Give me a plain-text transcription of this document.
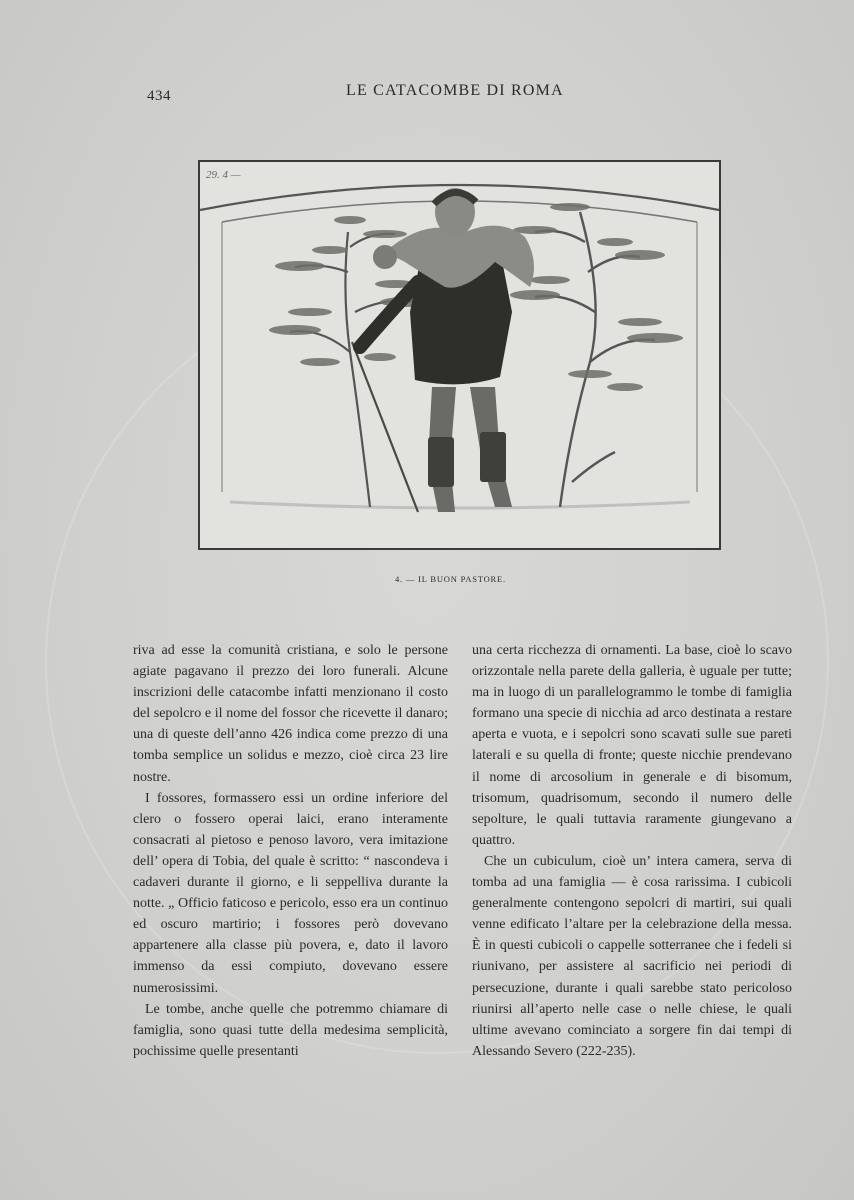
434	LE CATACOMBE DI ROMA
29. 4 —
4. — IL BUON PASTORE.

riva ad esse la comunità cristiana, e solo le persone agiate pagavano il prezzo dei loro funerali. Alcune inscrizioni delle catacombe infatti menzionano il costo del sepolcro e il nome del fossor che ricevette il danaro; una di queste dell’anno 426 indica come prezzo di una tomba semplice un solidus e mezzo, cioè circa 23 lire nostre.

I fossores, formassero essi un ordine inferiore del clero o fossero operai laici, erano interamente consacrati al pietoso e penoso lavoro, vera imitazione dell’ opera di Tobia, del quale è scritto: “ nascondeva i cadaveri durante il giorno, e li seppelliva durante la notte. „ Officio faticoso e pericolo, esso era un continuo ed oscuro martirio; i fossores però dovevano appartenere alla classe più povera, e, dato il lavoro immenso da essi compiuto, dovevano essere numerosissimi.

Le tombe, anche quelle che potremmo chiamare di famiglia, sono quasi tutte della medesima semplicità, pochissime quelle presentanti

una certa ricchezza di ornamenti. La base, cioè lo scavo orizzontale nella parete della galleria, è uguale per tutte; ma in luogo di un parallelogrammo le tombe di famiglia formano una specie di nicchia ad arco destinata a restare aperta e vuota, e i sepolcri sono scavati sulle sue pareti laterali e su quella di fronte; queste nicchie prendevano il nome di arcosolium in generale e di bisomum, trisomum, quadrisomum, secondo il numero delle sepolture, le quali tuttavia raramente giungevano a quattro.

Che un cubiculum, cioè un’ intera camera, serva di tomba ad una famiglia — è cosa rarissima. I cubicoli generalmente contengono sepolcri di martiri, sui quali venne edificato l’altare per la celebrazione della messa. È in questi cubicoli o cappelle sotterranee che i fedeli si riunivano, per assistere al sacrificio nei periodi di persecuzione, durante i quali sarebbe stato pericoloso riunirsi all’aperto nelle case o nelle chiese, le quali ultime avevano cominciato a sorgere fin dai tempi di Alessando Severo (222-235).
